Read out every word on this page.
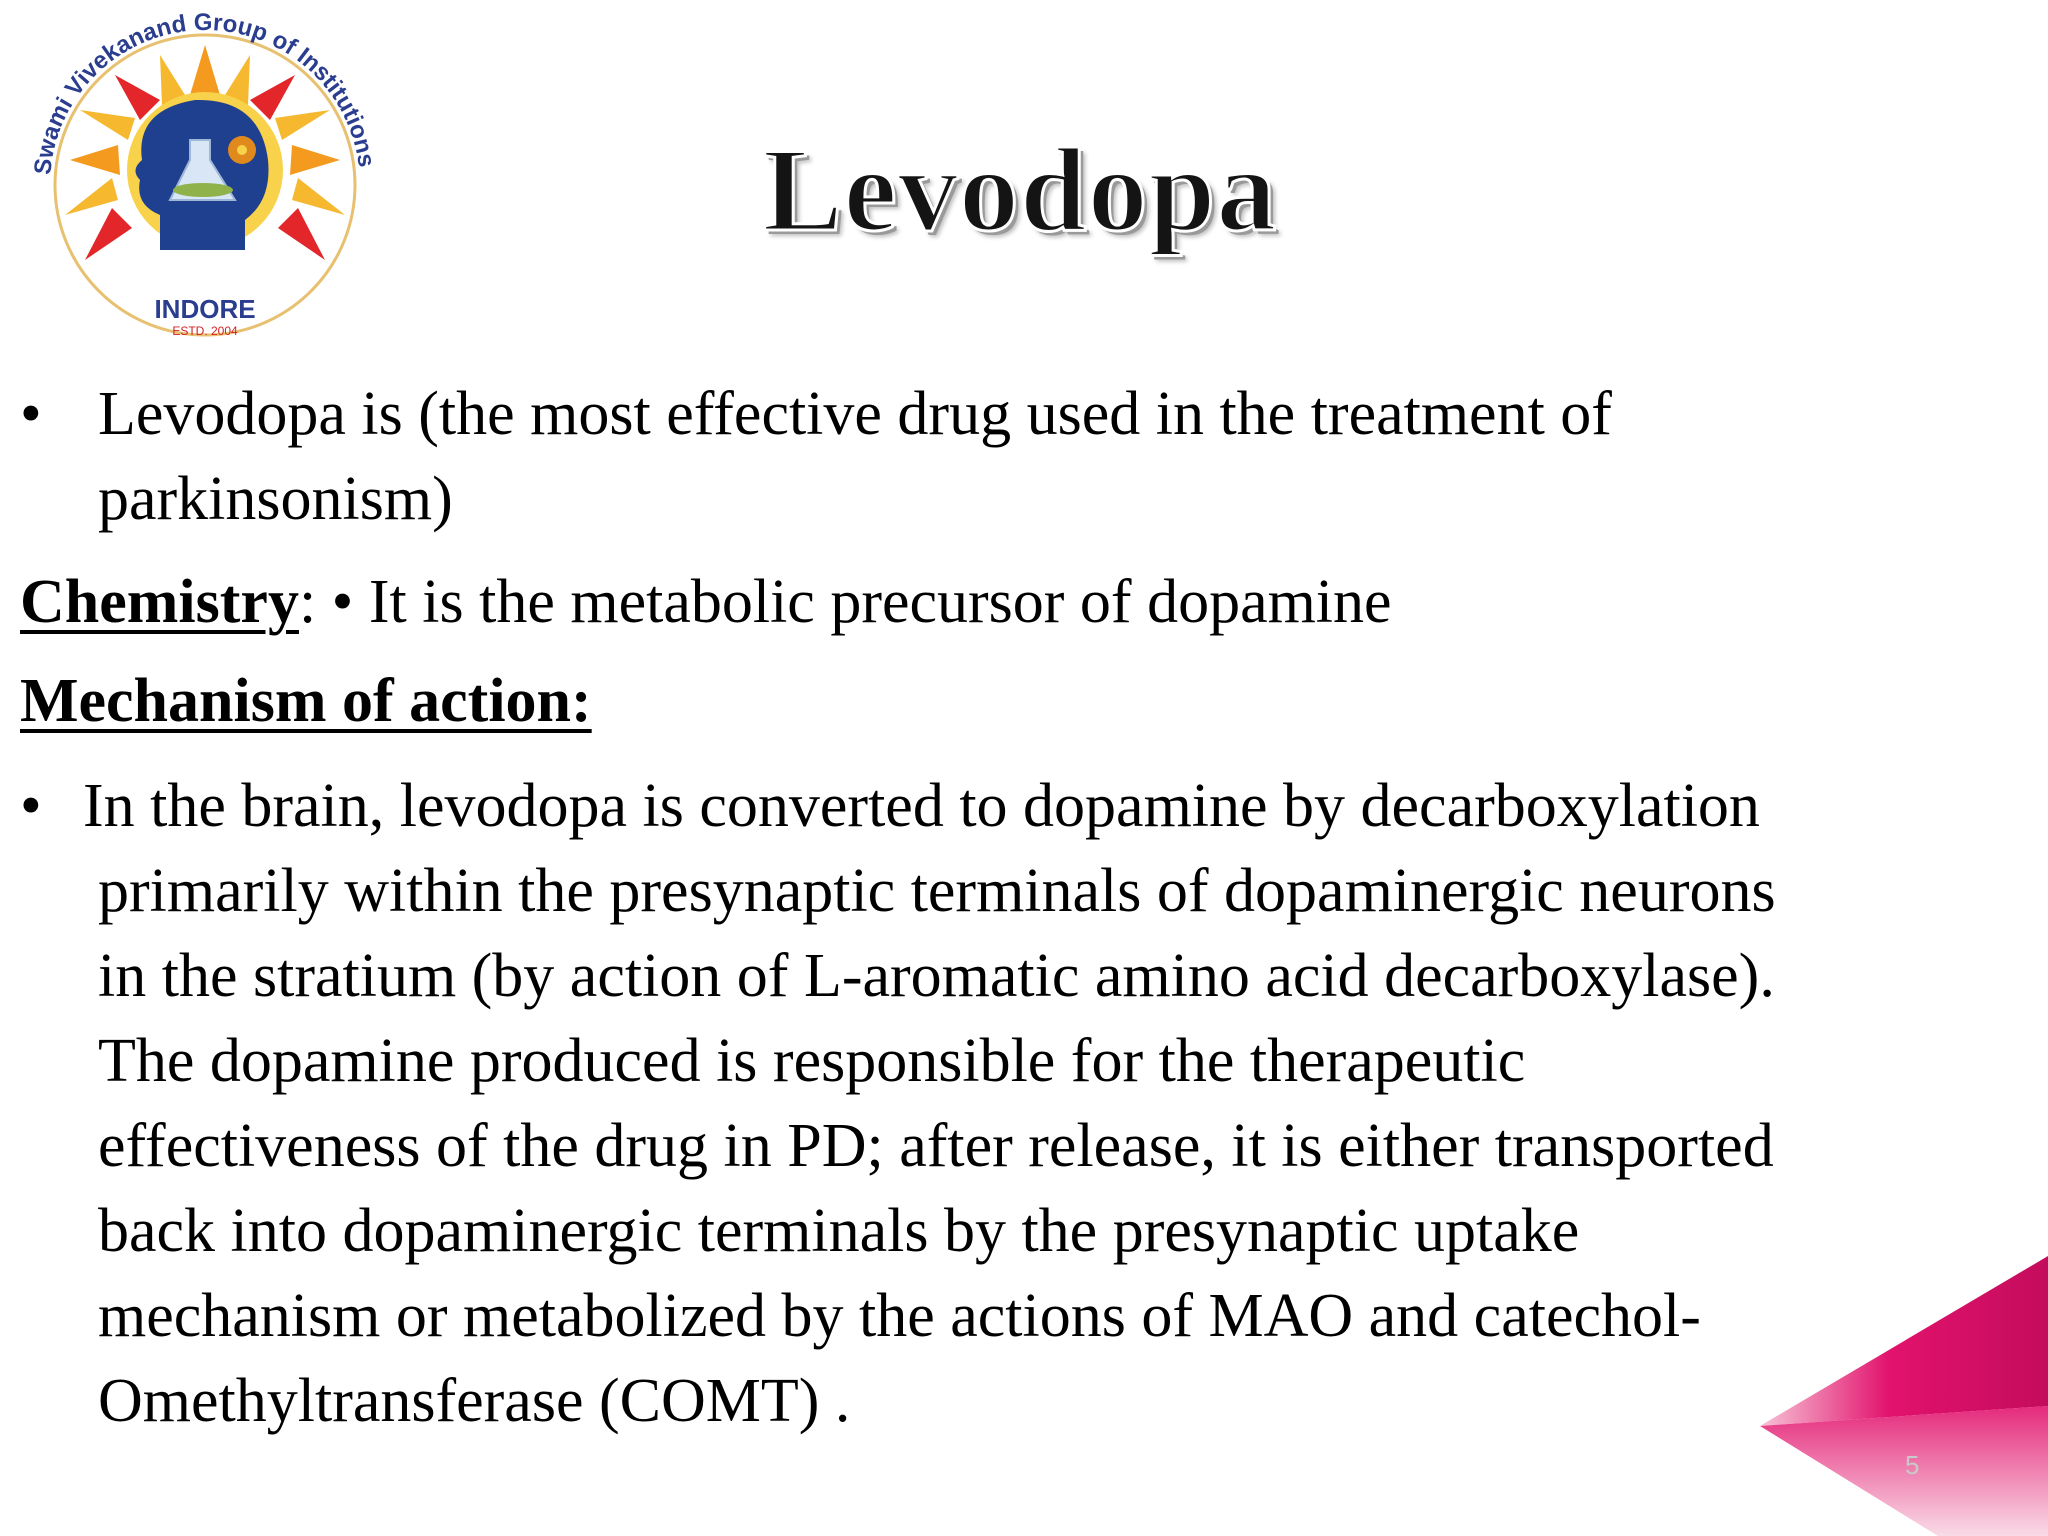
Swami Vivekanand Group of Institutions
INDORE
ESTD. 2004
Levodopa
• Levodopa is (the most effective drug used in the treatment of
parkinsonism)
Chemistry: • It is the metabolic precursor of dopamine
Mechanism of action:
• In the brain, levodopa is converted to dopamine by decarboxylation
primarily within the presynaptic terminals of dopaminergic neurons
in the stratium (by action of L-aromatic amino acid decarboxylase).
The dopamine produced is responsible for the therapeutic
effectiveness of the drug in PD; after release, it is either transported
back into dopaminergic terminals by the presynaptic uptake
mechanism or metabolized by the actions of MAO and catechol-
Omethyltransferase (COMT) .
5
